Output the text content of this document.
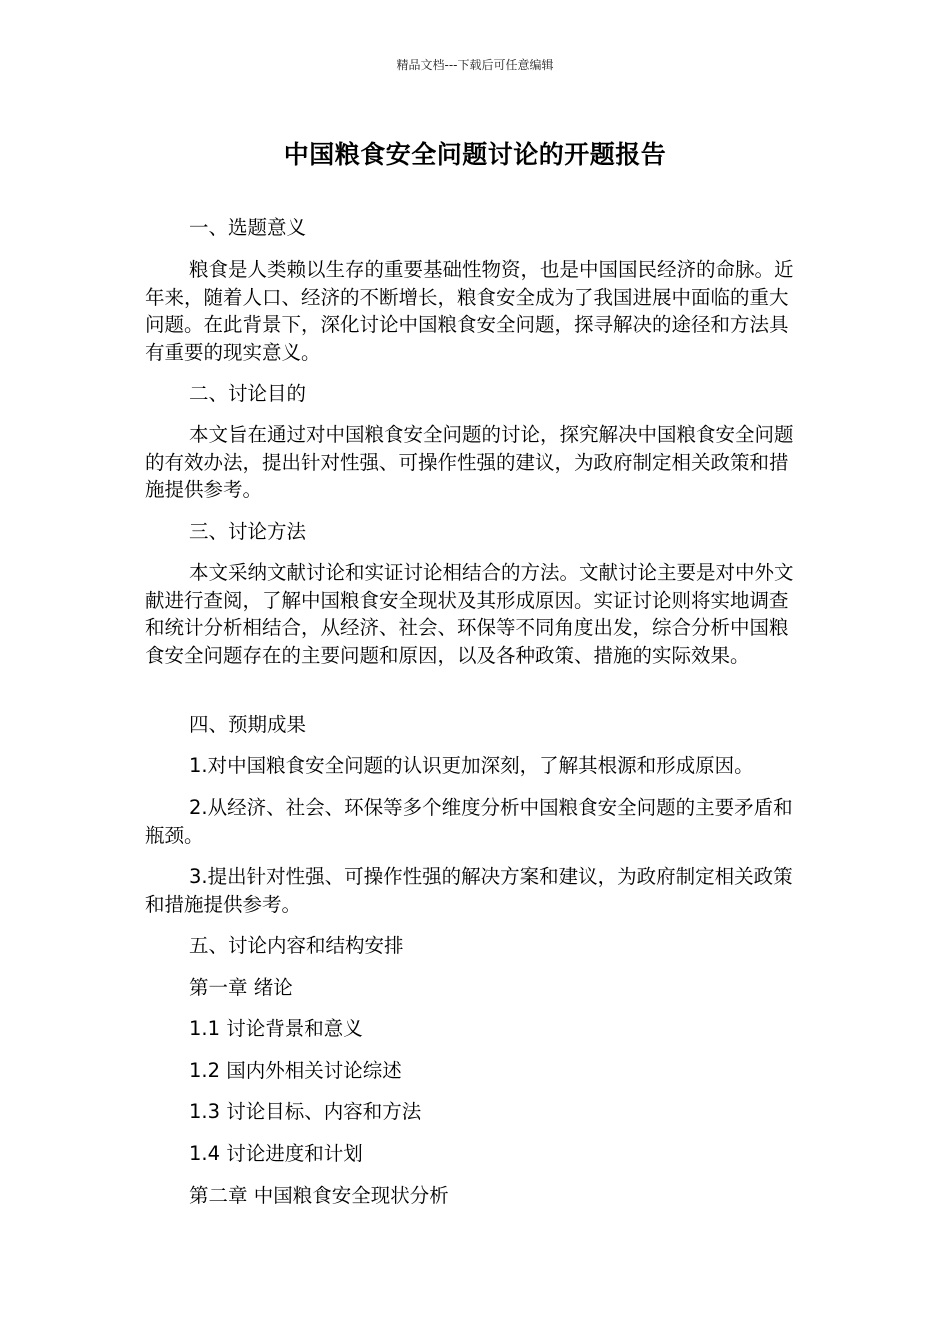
精品文档---下载后可任意编辑
中国粮食安全问题讨论的开题报告

一、选题意义

粮食是人类赖以生存的重要基础性物资，也是中国国民经济的命脉。近年来，随着人口、经济的不断增长，粮食安全成为了我国进展中面临的重大问题。在此背景下，深化讨论中国粮食安全问题，探寻解决的途径和方法具有重要的现实意义。

二、讨论目的

本文旨在通过对中国粮食安全问题的讨论，探究解决中国粮食安全问题的有效办法，提出针对性强、可操作性强的建议，为政府制定相关政策和措施提供参考。

三、讨论方法

本文采纳文献讨论和实证讨论相结合的方法。文献讨论主要是对中外文献进行查阅，了解中国粮食安全现状及其形成原因。实证讨论则将实地调查和统计分析相结合，从经济、社会、环保等不同角度出发，综合分析中国粮食安全问题存在的主要问题和原因，以及各种政策、措施的实际效果。

四、预期成果

1.对中国粮食安全问题的认识更加深刻，了解其根源和形成原因。

2.从经济、社会、环保等多个维度分析中国粮食安全问题的主要矛盾和瓶颈。

3.提出针对性强、可操作性强的解决方案和建议，为政府制定相关政策和措施提供参考。

五、讨论内容和结构安排

第一章 绪论

1.1 讨论背景和意义

1.2 国内外相关讨论综述

1.3 讨论目标、内容和方法

1.4 讨论进度和计划

第二章 中国粮食安全现状分析
